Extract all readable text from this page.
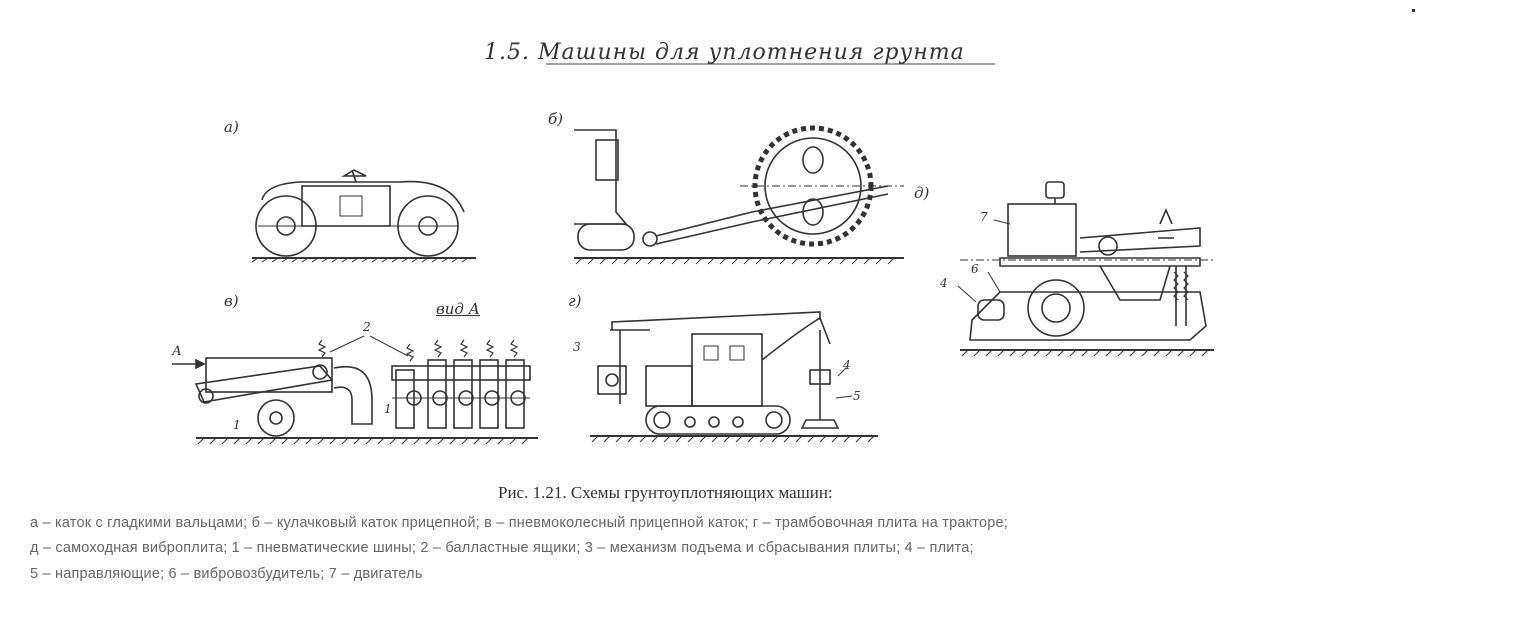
1.5. Машины для уплотнения грунта
а)	б)
в)	г)
д)
вид А
А
1
1
2
3
4
5
4
6
7
Рис. 1.21. Схемы грунтоуплотняющих машин:
а – каток с гладкими вальцами; б – кулачковый каток прицепной; в – пневмоколесный прицепной каток; г – трамбовочная плита на тракторе;
д – самоходная виброплита; 1 – пневматические шины; 2 – балластные ящики; 3 – механизм подъема и сбрасывания плиты; 4 – плита;
5 – направляющие; 6 – вибровозбудитель; 7 – двигатель
